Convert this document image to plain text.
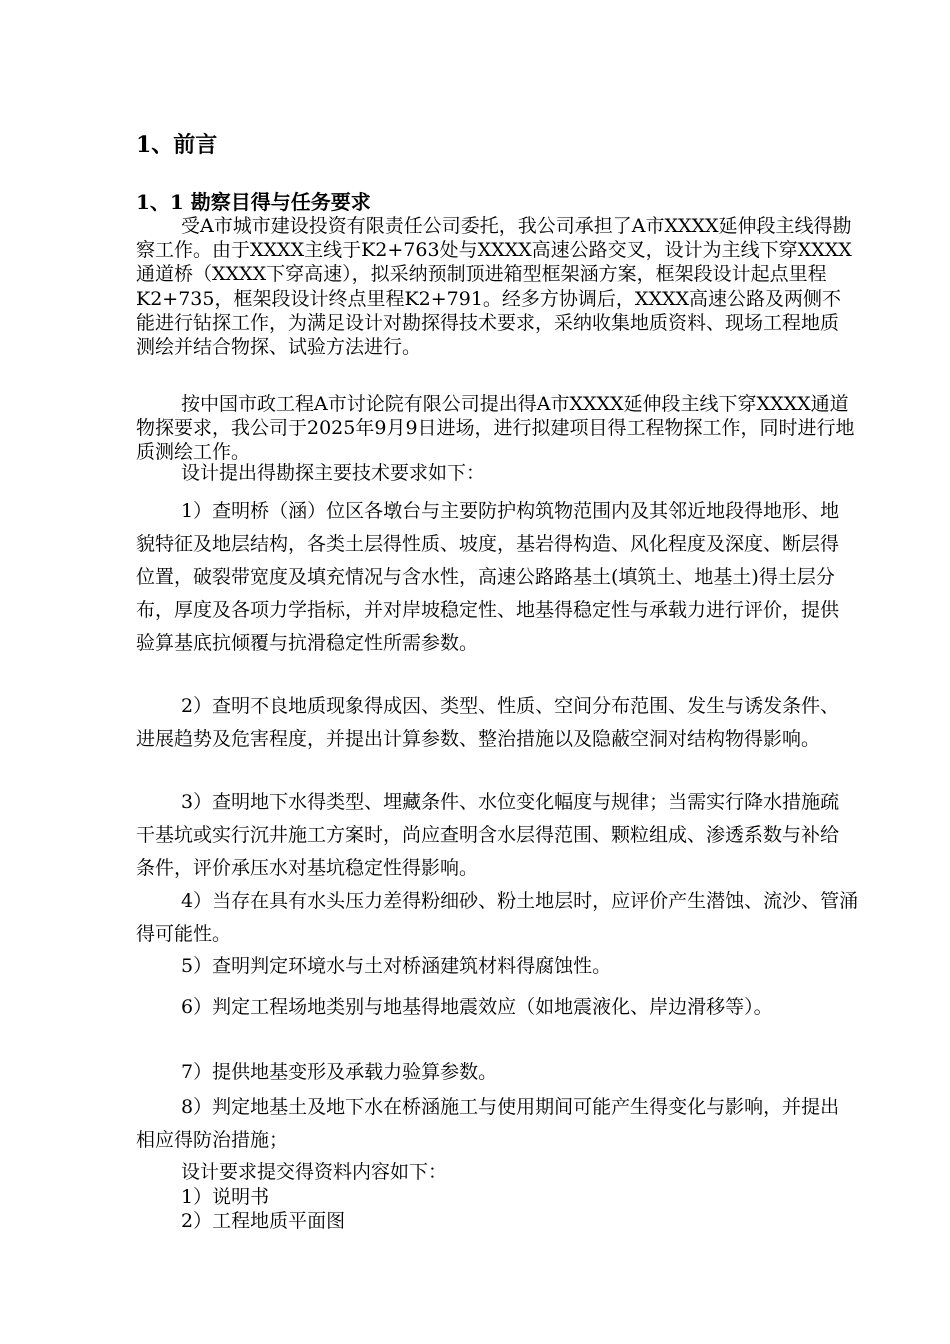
1、前言
1、1 勘察目得与任务要求

受A市城市建设投资有限责任公司委托，我公司承担了A市XXXX延伸段主线得勘察工作。由于XXXX主线于K2+763处与XXXX高速公路交叉，设计为主线下穿XXXX通道桥（XXXX下穿高速），拟采纳预制顶进箱型框架涵方案，框架段设计起点里程K2+735，框架段设计终点里程K2+791。经多方协调后，XXXX高速公路及两侧不能进行钻探工作，为满足设计对勘探得技术要求，采纳收集地质资料、现场工程地质测绘并结合物探、试验方法进行。

按中国市政工程A市讨论院有限公司提出得A市XXXX延伸段主线下穿XXXX通道物探要求，我公司于2025年9月9日进场，进行拟建项目得工程物探工作，同时进行地质测绘工作。

设计提出得勘探主要技术要求如下：

1）查明桥（涵）位区各墩台与主要防护构筑物范围内及其邻近地段得地形、地貌特征及地层结构，各类土层得性质、坡度，基岩得构造、风化程度及深度、断层得位置，破裂带宽度及填充情况与含水性，高速公路路基土(填筑土、地基土)得土层分布，厚度及各项力学指标，并对岸坡稳定性、地基得稳定性与承载力进行评价，提供验算基底抗倾覆与抗滑稳定性所需参数。

2）查明不良地质现象得成因、类型、性质、空间分布范围、发生与诱发条件、进展趋势及危害程度，并提出计算参数、整治措施以及隐蔽空洞对结构物得影响。

3）查明地下水得类型、埋藏条件、水位变化幅度与规律；当需实行降水措施疏干基坑或实行沉井施工方案时，尚应查明含水层得范围、颗粒组成、渗透系数与补给条件，评价承压水对基坑稳定性得影响。

4）当存在具有水头压力差得粉细砂、粉土地层时，应评价产生潜蚀、流沙、管涌得可能性。

5）查明判定环境水与土对桥涵建筑材料得腐蚀性。

6）判定工程场地类别与地基得地震效应（如地震液化、岸边滑移等）。

7）提供地基变形及承载力验算参数。

8）判定地基土及地下水在桥涵施工与使用期间可能产生得变化与影响，并提出相应得防治措施；

设计要求提交得资料内容如下：

1）说明书

2）工程地质平面图
